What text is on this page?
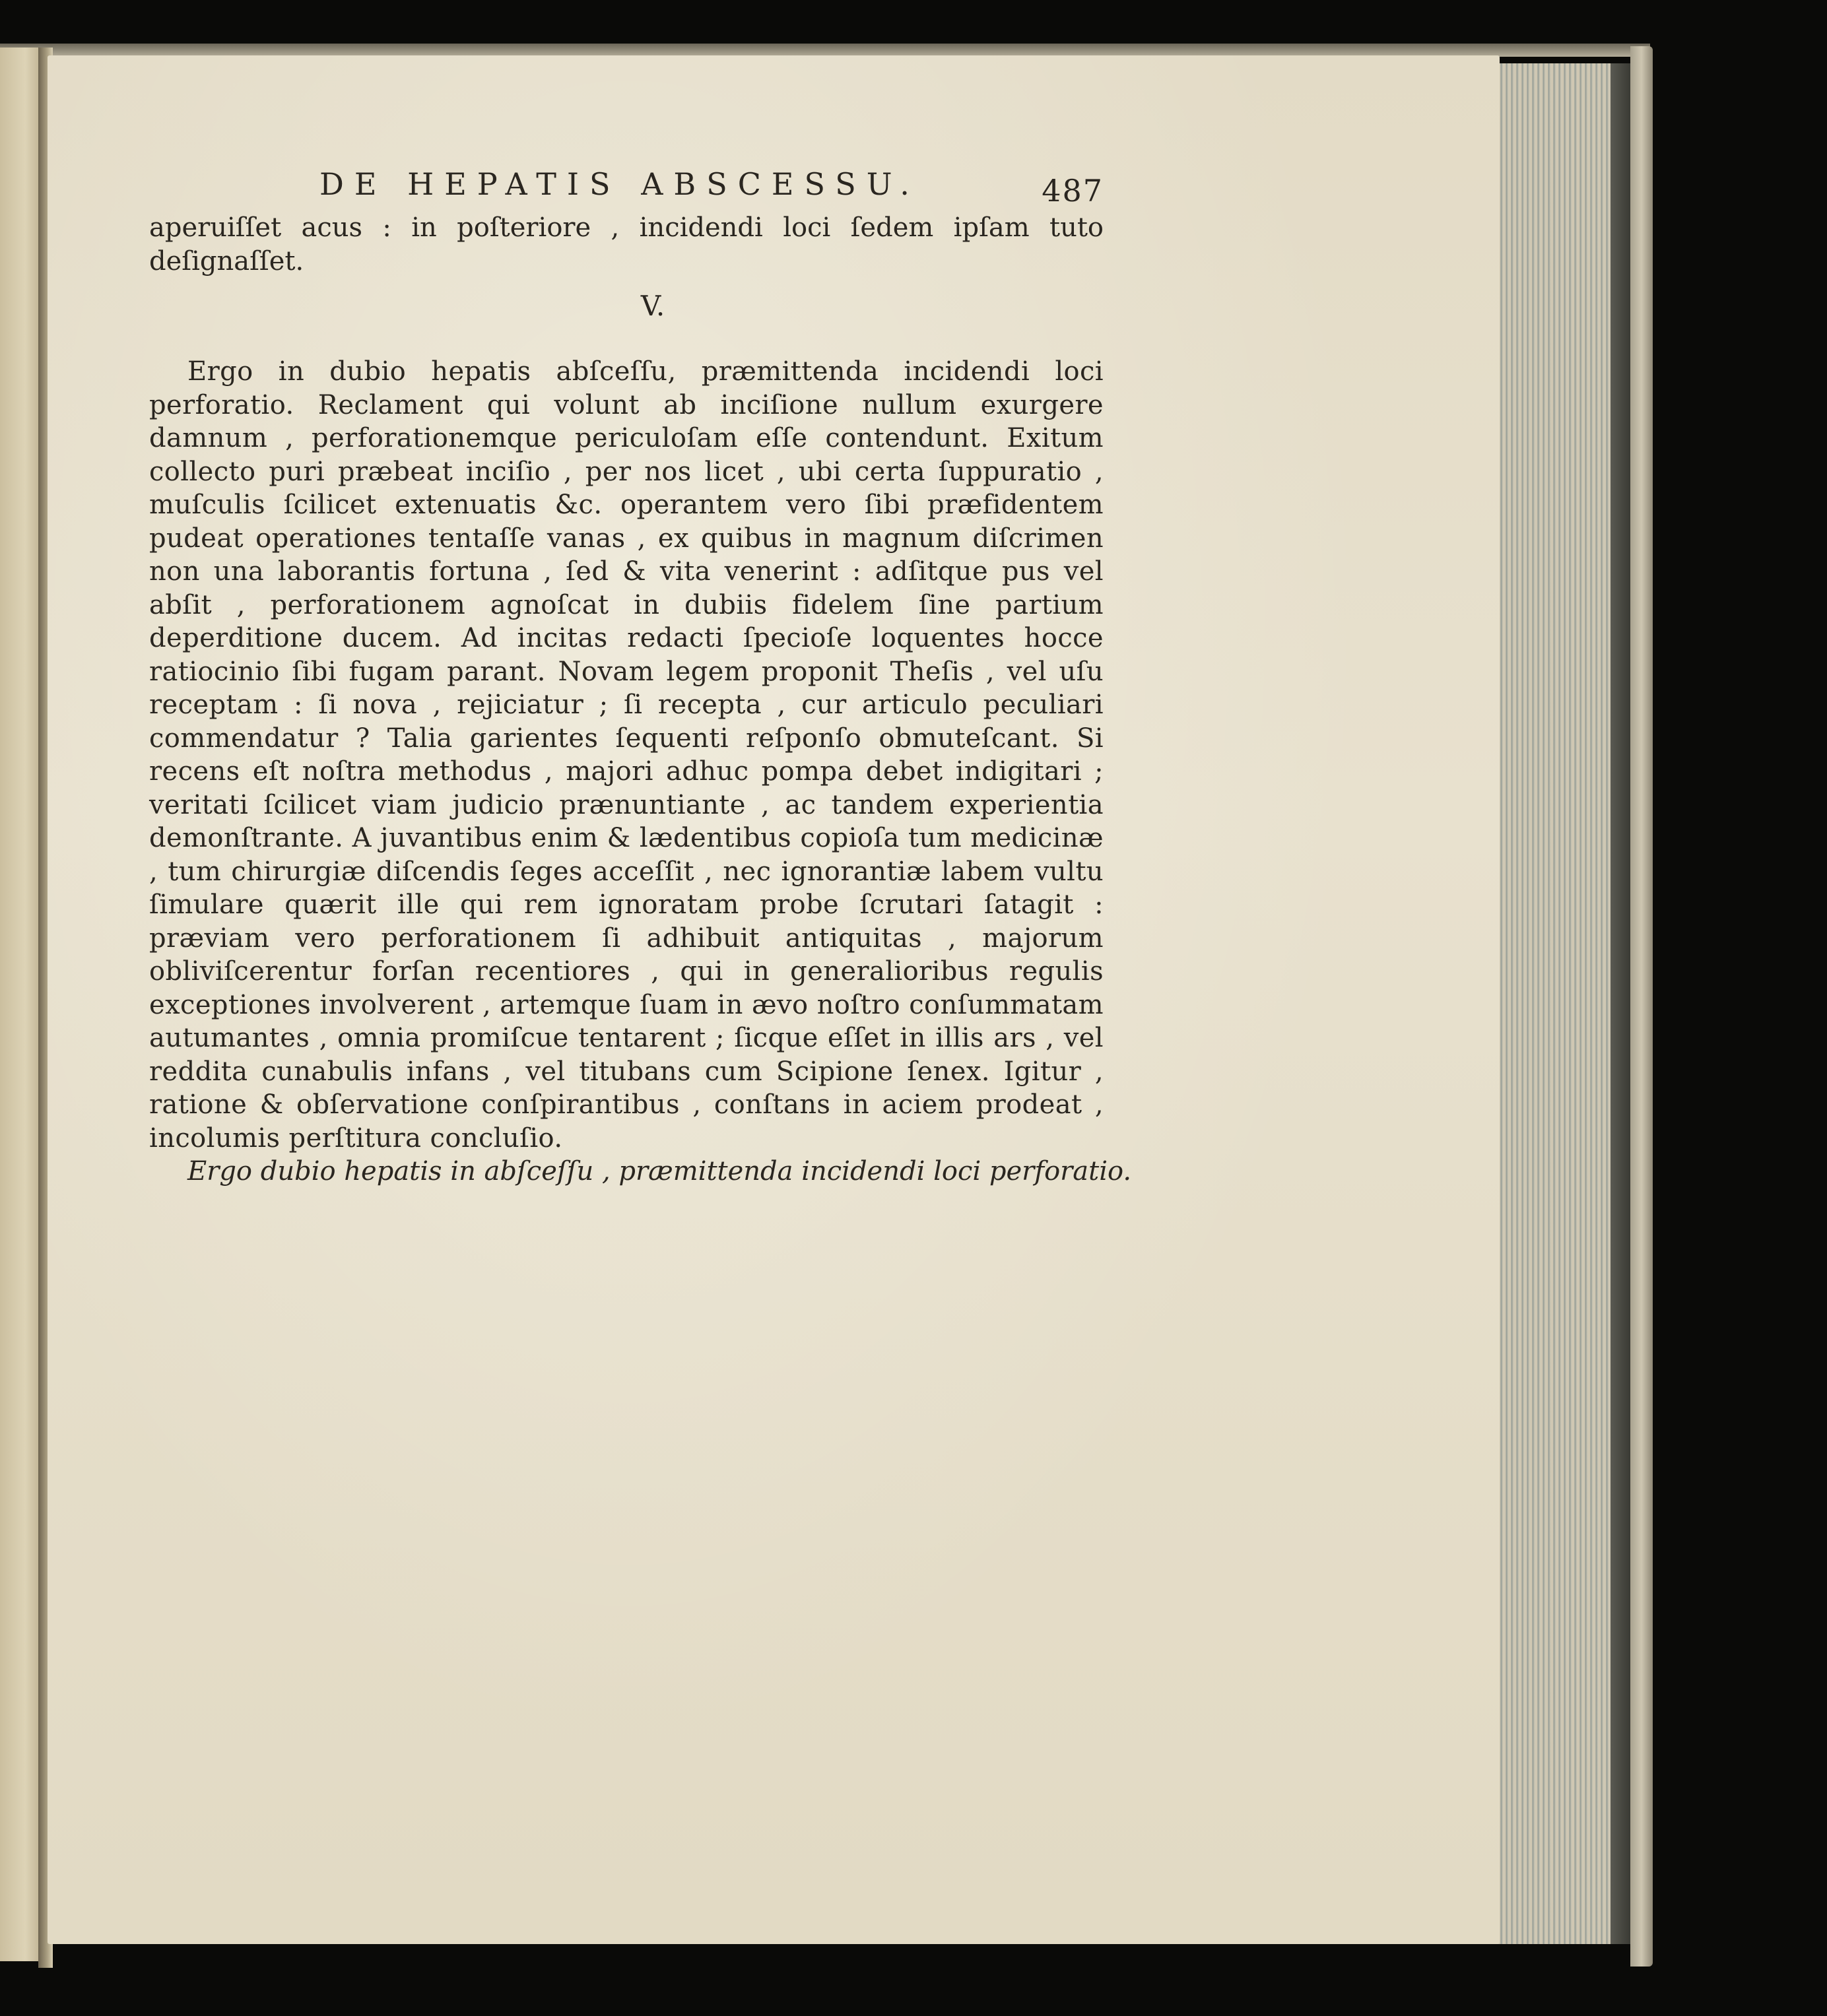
DE HEPATIS ABSCESSU.	487

aperuiſſet acus : in poſteriore , incidendi loci ſedem ipſam tuto deſignaſſet.

V.

Ergo in dubio hepatis abſceſſu, præmittenda incidendi loci perforatio. Reclament qui volunt ab inciſione nullum exurgere damnum , perforationemque periculoſam eſſe contendunt. Exitum collecto puri præbeat inciſio , per nos licet , ubi certa ſuppuratio , muſculis ſcilicet extenuatis &c. operantem vero ſibi præfidentem pudeat operationes tentaſſe vanas , ex quibus in magnum diſcrimen non una laborantis fortuna , ſed & vita venerint : adſitque pus vel abſit , perforationem agnoſcat in dubiis fidelem ſine partium deperditione ducem. Ad incitas redacti ſpecioſe loquentes hocce ratiocinio ſibi fugam parant. Novam legem proponit Theſis , vel uſu receptam : ſi nova , rejiciatur ; ſi recepta , cur articulo peculiari commendatur ? Talia garientes ſequenti reſponſo obmuteſcant. Si recens eſt noſtra methodus , majori adhuc pompa debet indigitari ; veritati ſcilicet viam judicio prænuntiante , ac tandem experientia demonſtrante. A juvantibus enim & lædentibus copioſa tum medicinæ , tum chirurgiæ diſcendis ſeges acceſſit , nec ignorantiæ labem vultu ſimulare quærit ille qui rem ignoratam probe ſcrutari ſatagit : præviam vero perforationem ſi adhibuit antiquitas , majorum obliviſcerentur forſan recentiores , qui in generalioribus regulis exceptiones involverent , artemque ſuam in ævo noſtro conſummatam autumantes , omnia promiſcue tentarent ; ſicque eſſet in illis ars , vel reddita cunabulis infans , vel titubans cum Scipione ſenex. Igitur , ratione & obſervatione conſpirantibus , conſtans in aciem prodeat , incolumis perſtitura concluſio.

Ergo dubio hepatis in abſceſſu , præmittenda incidendi loci perforatio.
